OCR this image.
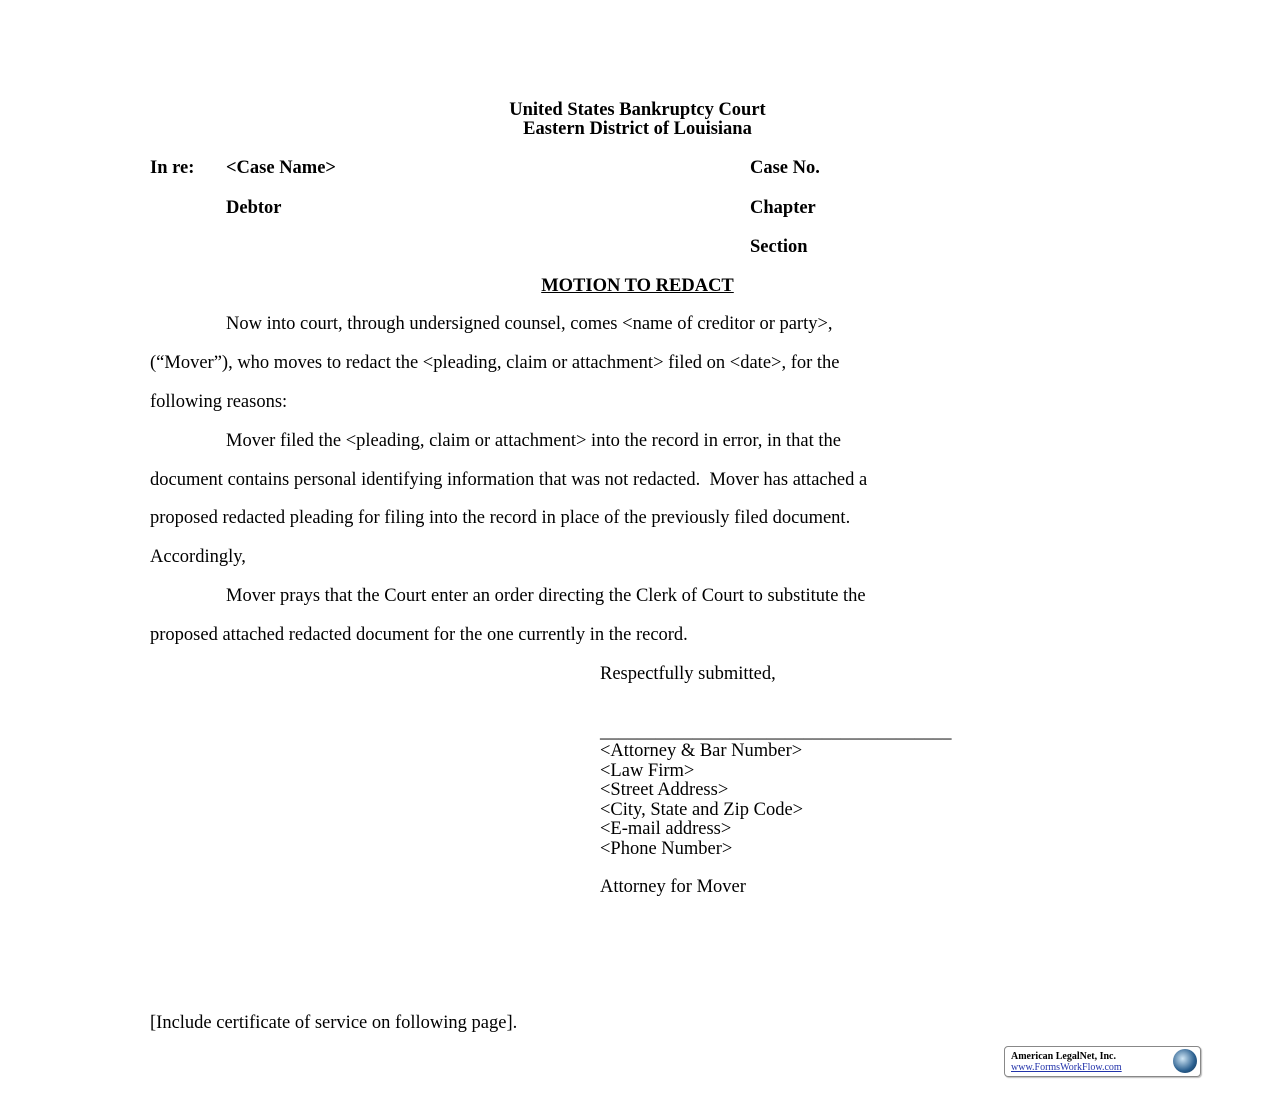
United States Bankruptcy Court
Eastern District of Louisiana
In re: <Case Name>	Case No.
Debtor	Chapter
Section
MOTION TO REDACT
Now into court, through undersigned counsel, comes <name of creditor or party>,
(“Mover”), who moves to redact the <pleading, claim or attachment> filed on <date>, for the
following reasons:
Mover filed the <pleading, claim or attachment> into the record in error, in that the
document contains personal identifying information that was not redacted.  Mover has attached a
proposed redacted pleading for filing into the record in place of the previously filed document.
Accordingly,
Mover prays that the Court enter an order directing the Clerk of Court to substitute the
proposed attached redacted document for the one currently in the record.
Respectfully submitted,
______________________________________
<Attorney & Bar Number>
<Law Firm>
<Street Address>
<City, State and Zip Code>
<E-mail address>
<Phone Number>
Attorney for Mover
[Include certificate of service on following page].
American LegalNet, Inc.
www.FormsWorkFlow.com
